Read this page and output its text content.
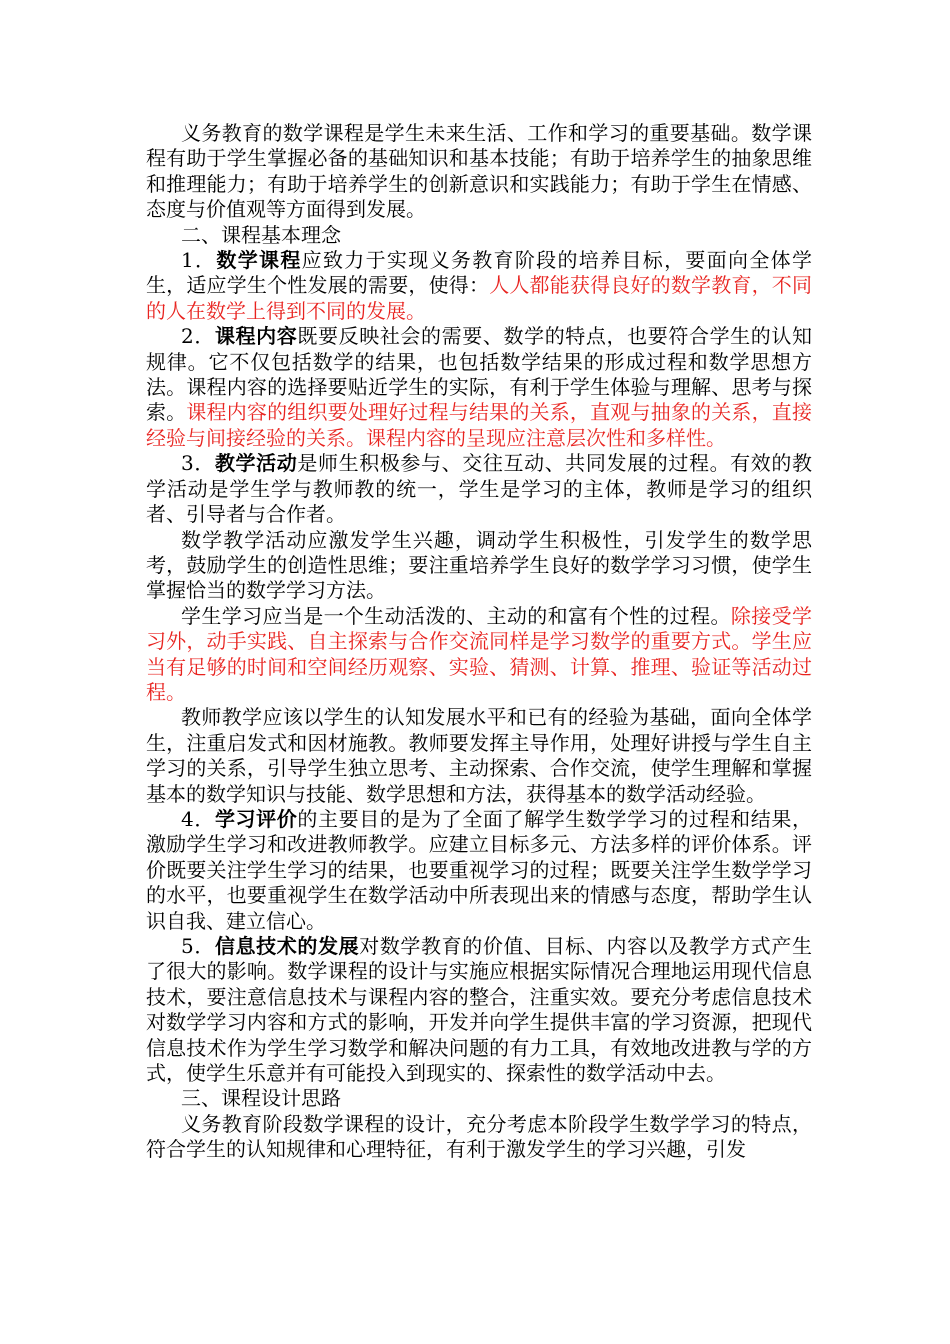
义务教育的数学课程是学生未来生活、工作和学习的重要基础。数学课程有助于学生掌握必备的基础知识和基本技能；有助于培养学生的抽象思维和推理能力；有助于培养学生的创新意识和实践能力；有助于学生在情感、态度与价值观等方面得到发展。

二、课程基本理念

1．数学课程应致力于实现义务教育阶段的培养目标，要面向全体学生，适应学生个性发展的需要，使得：人人都能获得良好的数学教育，不同的人在数学上得到不同的发展。

2．课程内容既要反映社会的需要、数学的特点，也要符合学生的认知规律。它不仅包括数学的结果，也包括数学结果的形成过程和数学思想方法。课程内容的选择要贴近学生的实际，有利于学生体验与理解、思考与探索。课程内容的组织要处理好过程与结果的关系，直观与抽象的关系，直接经验与间接经验的关系。课程内容的呈现应注意层次性和多样性。

3．教学活动是师生积极参与、交往互动、共同发展的过程。有效的教学活动是学生学与教师教的统一，学生是学习的主体，教师是学习的组织者、引导者与合作者。

数学教学活动应激发学生兴趣，调动学生积极性，引发学生的数学思考，鼓励学生的创造性思维；要注重培养学生良好的数学学习习惯，使学生掌握恰当的数学学习方法。

学生学习应当是一个生动活泼的、主动的和富有个性的过程。除接受学习外，动手实践、自主探索与合作交流同样是学习数学的重要方式。学生应当有足够的时间和空间经历观察、实验、猜测、计算、推理、验证等活动过程。

教师教学应该以学生的认知发展水平和已有的经验为基础，面向全体学生，注重启发式和因材施教。教师要发挥主导作用，处理好讲授与学生自主学习的关系，引导学生独立思考、主动探索、合作交流，使学生理解和掌握基本的数学知识与技能、数学思想和方法，获得基本的数学活动经验。

4．学习评价的主要目的是为了全面了解学生数学学习的过程和结果，激励学生学习和改进教师教学。应建立目标多元、方法多样的评价体系。评价既要关注学生学习的结果，也要重视学习的过程；既要关注学生数学学习的水平，也要重视学生在数学活动中所表现出来的情感与态度，帮助学生认识自我、建立信心。

5．信息技术的发展对数学教育的价值、目标、内容以及教学方式产生了很大的影响。数学课程的设计与实施应根据实际情况合理地运用现代信息技术，要注意信息技术与课程内容的整合，注重实效。要充分考虑信息技术对数学学习内容和方式的影响，开发并向学生提供丰富的学习资源，把现代信息技术作为学生学习数学和解决问题的有力工具，有效地改进教与学的方式，使学生乐意并有可能投入到现实的、探索性的数学活动中去。

三、课程设计思路

义务教育阶段数学课程的设计，充分考虑本阶段学生数学学习的特点，符合学生的认知规律和心理特征，有利于激发学生的学习兴趣，引发
